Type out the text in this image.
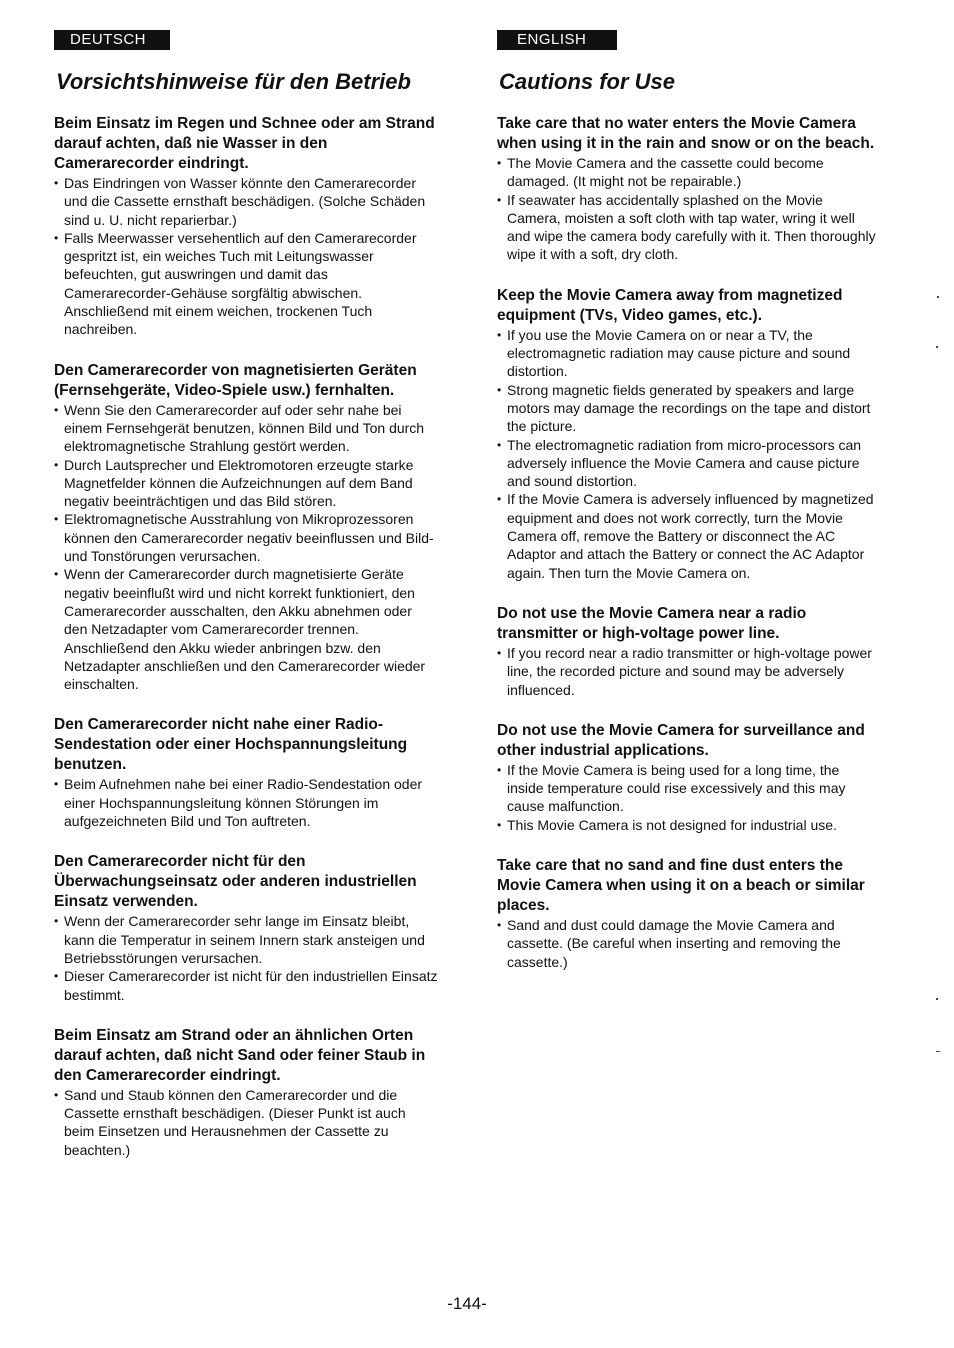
DEUTSCH
Vorsichtshinweise für den Betrieb
Beim Einsatz im Regen und Schnee oder am Strand darauf achten, daß nie Wasser in den Camerarecorder eindringt.
• Das Eindringen von Wasser könnte den Camerarecorder und die Cassette ernsthaft beschädigen. (Solche Schäden sind u. U. nicht reparierbar.)
• Falls Meerwasser versehentlich auf den Camerarecorder gespritzt ist, ein weiches Tuch mit Leitungswasser befeuchten, gut auswringen und damit das Camerarecorder-Gehäuse sorgfältig abwischen. Anschließend mit einem weichen, trockenen Tuch nachreiben.
Den Camerarecorder von magnetisierten Geräten (Fernsehgeräte, Video-Spiele usw.) fernhalten.
• Wenn Sie den Camerarecorder auf oder sehr nahe bei einem Fernsehgerät benutzen, können Bild und Ton durch elektromagnetische Strahlung gestört werden.
• Durch Lautsprecher und Elektromotoren erzeugte starke Magnetfelder können die Aufzeichnungen auf dem Band negativ beeinträchtigen und das Bild stören.
• Elektromagnetische Ausstrahlung von Mikroprozessoren können den Camerarecorder negativ beeinflussen und Bild- und Tonstörungen verursachen.
• Wenn der Camerarecorder durch magnetisierte Geräte negativ beeinflußt wird und nicht korrekt funktioniert, den Camerarecorder ausschalten, den Akku abnehmen oder den Netzadapter vom Camerarecorder trennen. Anschließend den Akku wieder anbringen bzw. den Netzadapter anschließen und den Camerarecorder wieder einschalten.
Den Camerarecorder nicht nahe einer Radio-Sendestation oder einer Hochspannungsleitung benutzen.
• Beim Aufnehmen nahe bei einer Radio-Sendestation oder einer Hochspannungsleitung können Störungen im aufgezeichneten Bild und Ton auftreten.
Den Camerarecorder nicht für den Überwachungseinsatz oder anderen industriellen Einsatz verwenden.
• Wenn der Camerarecorder sehr lange im Einsatz bleibt, kann die Temperatur in seinem Innern stark ansteigen und Betriebsstörungen verursachen.
• Dieser Camerarecorder ist nicht für den industriellen Einsatz bestimmt.
Beim Einsatz am Strand oder an ähnlichen Orten darauf achten, daß nicht Sand oder feiner Staub in den Camerarecorder eindringt.
• Sand und Staub können den Camerarecorder und die Cassette ernsthaft beschädigen. (Dieser Punkt ist auch beim Einsetzen und Herausnehmen der Cassette zu beachten.)
ENGLISH
Cautions for Use
Take care that no water enters the Movie Camera when using it in the rain and snow or on the beach.
• The Movie Camera and the cassette could become damaged. (It might not be repairable.)
• If seawater has accidentally splashed on the Movie Camera, moisten a soft cloth with tap water, wring it well and wipe the camera body carefully with it. Then thoroughly wipe it with a soft, dry cloth.
Keep the Movie Camera away from magnetized equipment (TVs, Video games, etc.).
• If you use the Movie Camera on or near a TV, the electromagnetic radiation may cause picture and sound distortion.
• Strong magnetic fields generated by speakers and large motors may damage the recordings on the tape and distort the picture.
• The electromagnetic radiation from micro-processors can adversely influence the Movie Camera and cause picture and sound distortion.
• If the Movie Camera is adversely influenced by magnetized equipment and does not work correctly, turn the Movie Camera off, remove the Battery or disconnect the AC Adaptor and attach the Battery or connect the AC Adaptor again. Then turn the Movie Camera on.
Do not use the Movie Camera near a radio transmitter or high-voltage power line.
• If you record near a radio transmitter or high-voltage power line, the recorded picture and sound may be adversely influenced.
Do not use the Movie Camera for surveillance and other industrial applications.
• If the Movie Camera is being used for a long time, the inside temperature could rise excessively and this may cause malfunction.
• This Movie Camera is not designed for industrial use.
Take care that no sand and fine dust enters the Movie Camera when using it on a beach or similar places.
• Sand and dust could damage the Movie Camera and cassette. (Be careful when inserting and removing the cassette.)
-144-
